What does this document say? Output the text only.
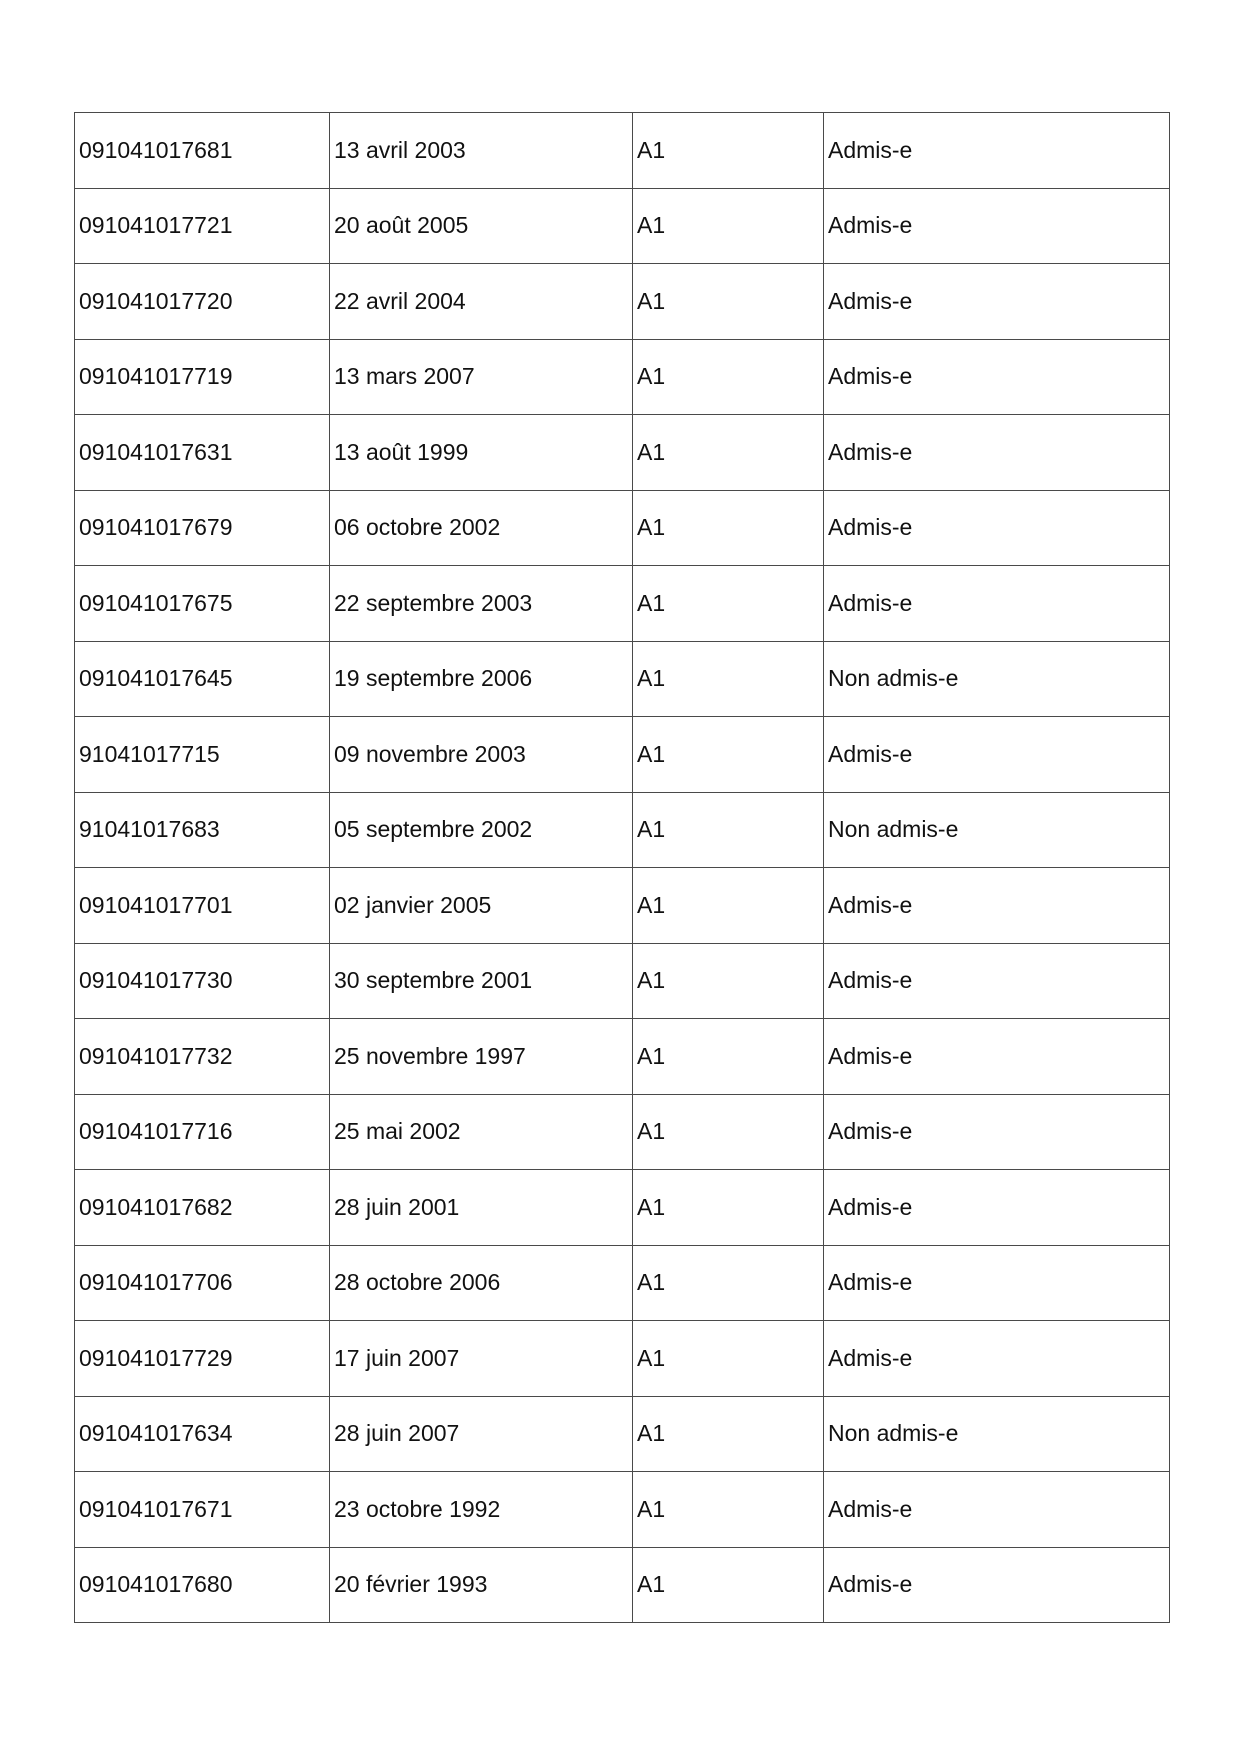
091041017681	13 avril 2003	A1	Admis-e
091041017721	20 août 2005	A1	Admis-e
091041017720	22 avril 2004	A1	Admis-e
091041017719	13 mars 2007	A1	Admis-e
091041017631	13 août 1999	A1	Admis-e
091041017679	06 octobre 2002	A1	Admis-e
091041017675	22 septembre 2003	A1	Admis-e
091041017645	19 septembre 2006	A1	Non admis-e
91041017715	09 novembre 2003	A1	Admis-e
91041017683	05 septembre 2002	A1	Non admis-e
091041017701	02 janvier 2005	A1	Admis-e
091041017730	30 septembre 2001	A1	Admis-e
091041017732	25 novembre 1997	A1	Admis-e
091041017716	25 mai 2002	A1	Admis-e
091041017682	28 juin 2001	A1	Admis-e
091041017706	28 octobre 2006	A1	Admis-e
091041017729	17 juin 2007	A1	Admis-e
091041017634	28 juin 2007	A1	Non admis-e
091041017671	23 octobre 1992	A1	Admis-e
091041017680	20 février 1993	A1	Admis-e
